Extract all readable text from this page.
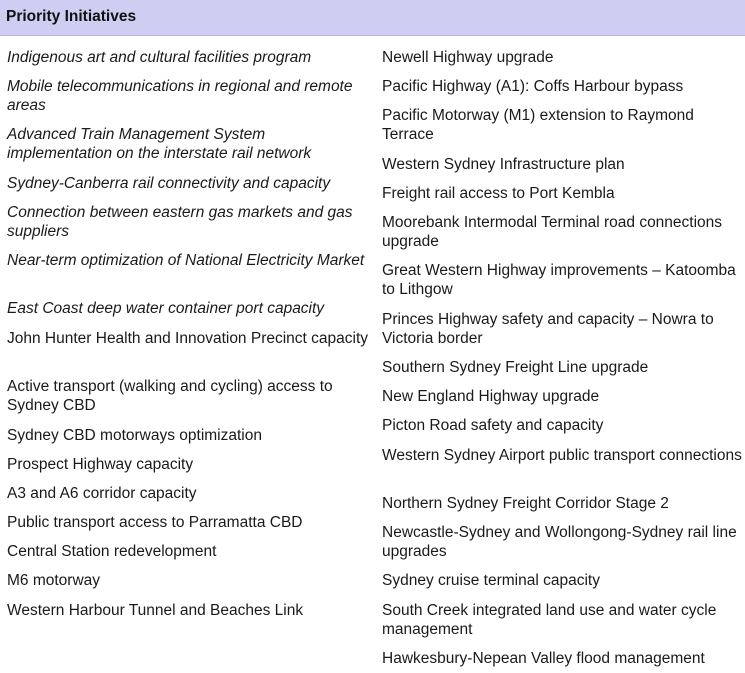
Priority Initiatives
Indigenous art and cultural facilities program
Mobile telecommunications in regional and remote areas
Advanced Train Management System implementation on the interstate rail network
Sydney-Canberra rail connectivity and capacity
Connection between eastern gas markets and gas suppliers
Near-term optimization of National Electricity Market
East Coast deep water container port capacity
John Hunter Health and Innovation Precinct capacity
Active transport (walking and cycling) access to Sydney CBD
Sydney CBD motorways optimization
Prospect Highway capacity
A3 and A6 corridor capacity
Public transport access to Parramatta CBD
Central Station redevelopment
M6 motorway
Western Harbour Tunnel and Beaches Link
Newell Highway upgrade
Pacific Highway (A1): Coffs Harbour bypass
Pacific Motorway (M1) extension to Raymond Terrace
Western Sydney Infrastructure plan
Freight rail access to Port Kembla
Moorebank Intermodal Terminal road connections upgrade
Great Western Highway improvements – Katoomba to Lithgow
Princes Highway safety and capacity – Nowra to Victoria border
Southern Sydney Freight Line upgrade
New England Highway upgrade
Picton Road safety and capacity
Western Sydney Airport public transport connections
Northern Sydney Freight Corridor Stage 2
Newcastle-Sydney and Wollongong-Sydney rail line upgrades
Sydney cruise terminal capacity
South Creek integrated land use and water cycle management
Hawkesbury-Nepean Valley flood management
